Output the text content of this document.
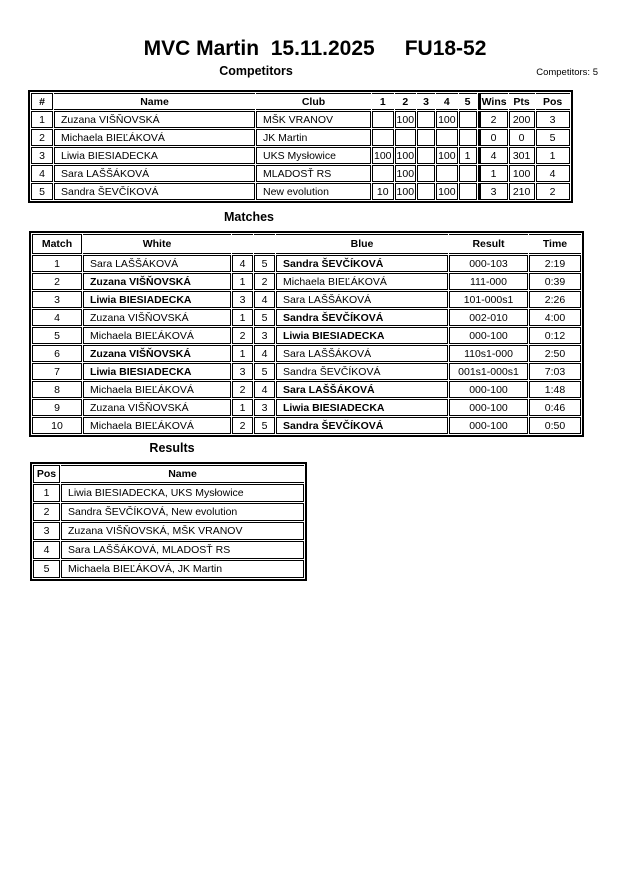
MVC Martin  15.11.2025 FU18-52
Competitors	Competitors: 5
#	Name	Club	1	2	3	4	5	Wins	Pts	Pos
1	Zuzana VIŠŇOVSKÁ	MŠK VRANOV		100		100		2	200	3
2	Michaela BIEĽÁKOVÁ	JK Martin						0	0	5
3	Liwia BIESIADECKA	UKS Mysłowice	100	100		100	1	4	301	1
4	Sara LAŠŠÁKOVÁ	MLADOSŤ RS		100				1	100	4
5	Sandra ŠEVČÍKOVÁ	New evolution	10	100		100		3	210	2
Matches
Match	White			Blue	Result	Time
1	Sara LAŠŠÁKOVÁ	4	5	Sandra ŠEVČÍKOVÁ	000-103	2:19
2	Zuzana VIŠŇOVSKÁ	1	2	Michaela BIEĽÁKOVÁ	111-000	0:39
3	Liwia BIESIADECKA	3	4	Sara LAŠŠÁKOVÁ	101-000s1	2:26
4	Zuzana VIŠŇOVSKÁ	1	5	Sandra ŠEVČÍKOVÁ	002-010	4:00
5	Michaela BIEĽÁKOVÁ	2	3	Liwia BIESIADECKA	000-100	0:12
6	Zuzana VIŠŇOVSKÁ	1	4	Sara LAŠŠÁKOVÁ	110s1-000	2:50
7	Liwia BIESIADECKA	3	5	Sandra ŠEVČÍKOVÁ	001s1-000s1	7:03
8	Michaela BIEĽÁKOVÁ	2	4	Sara LAŠŠÁKOVÁ	000-100	1:48
9	Zuzana VIŠŇOVSKÁ	1	3	Liwia BIESIADECKA	000-100	0:46
10	Michaela BIEĽÁKOVÁ	2	5	Sandra ŠEVČÍKOVÁ	000-100	0:50
Results
Pos	Name
1	Liwia BIESIADECKA, UKS Mysłowice
2	Sandra ŠEVČÍKOVÁ, New evolution
3	Zuzana VIŠŇOVSKÁ, MŠK VRANOV
4	Sara LAŠŠÁKOVÁ, MLADOSŤ RS
5	Michaela BIEĽÁKOVÁ, JK Martin
